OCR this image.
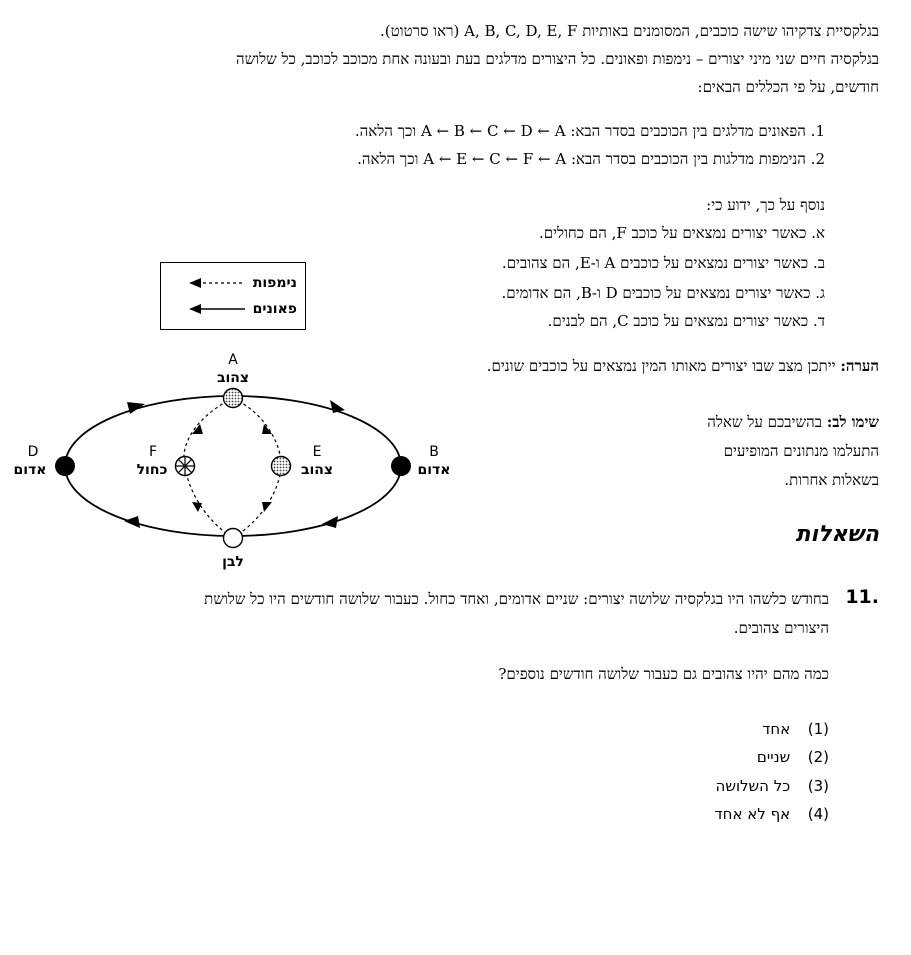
בגלקסיית צדקיהו שישה כוכבים, המסומנים באותיות A, B, C, D, E, F (ראו סרטוט).
בגלקסיה חיים שני מיני יצורים – נימפות ופאונים. כל היצורים מדלגים בעת ובעונה אחת מכוכב לכוכב, כל שלושה
חודשים, על פי הכללים הבאים:
1. הפאונים מדלגים בין הכוכבים בסדר הבא: A ← B ← C ← D ← A וכך הלאה.
2. הנימפות מדלגות בין הכוכבים בסדר הבא: A ← E ← C ← F ← A וכך הלאה.
נוסף על כך, ידוע כי:
א. כאשר יצורים נמצאים על כוכב F, הם כחולים.
ב. כאשר יצורים נמצאים על כוכבים A ו-E, הם צהובים.
ג. כאשר יצורים נמצאים על כוכבים D ו-B, הם אדומים.
ד. כאשר יצורים נמצאים על כוכב C, הם לבנים.
נימפות
פאונים
הערה: ייתכן מצב שבו יצורים מאותו המין נמצאים על כוכבים שונים.
שימו לב: בהשיבכם על שאלה
התעלמו מנתונים המופיעים
בשאלות אחרות.
A
צהוב
B
אדום
לבן
D
אדום
E
צהוב
F
כחול
השאלות
11.
בחודש כלשהו היו בגלקסיה שלושה יצורים: שניים אדומים, ואחד כחול. כעבור שלושה חודשים היו כל שלושת
היצורים צהובים.
כמה מהם יהיו צהובים גם כעבור שלושה חודשים נוספים?
(1) אחד
(2) שניים
(3) כל השלושה
(4) אף לא אחד
